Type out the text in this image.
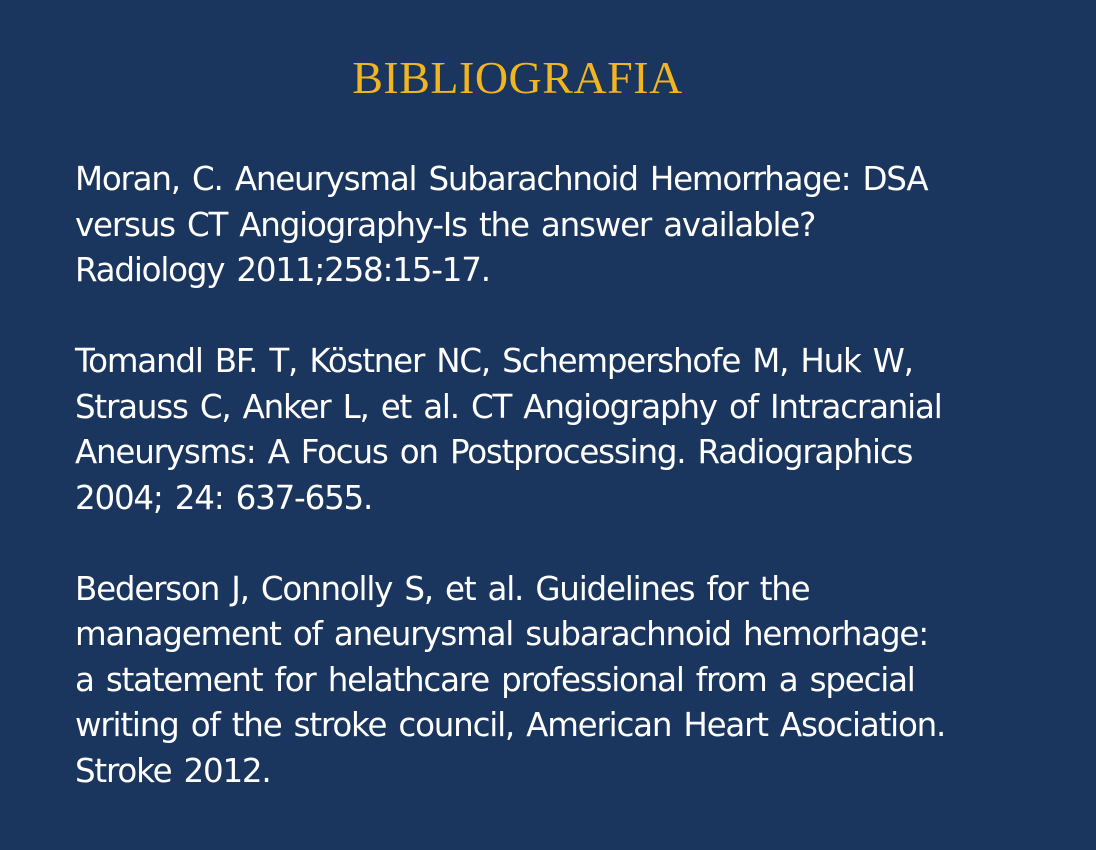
BIBLIOGRAFIA
Moran, C. Aneurysmal Subarachnoid Hemorrhage: DSA
versus CT Angiography-Is the answer available?
Radiology 2011;258:15-17.
Tomandl BF. T, Köstner NC, Schempershofe M, Huk W,
Strauss C, Anker L, et al. CT Angiography of Intracranial
Aneurysms: A Focus on Postprocessing. Radiographics
2004; 24: 637-655.
Bederson J, Connolly S, et al. Guidelines for the
management of aneurysmal subarachnoid hemorhage:
a statement for helathcare professional from a special
writing of the stroke council, American Heart Asociation.
Stroke 2012.
